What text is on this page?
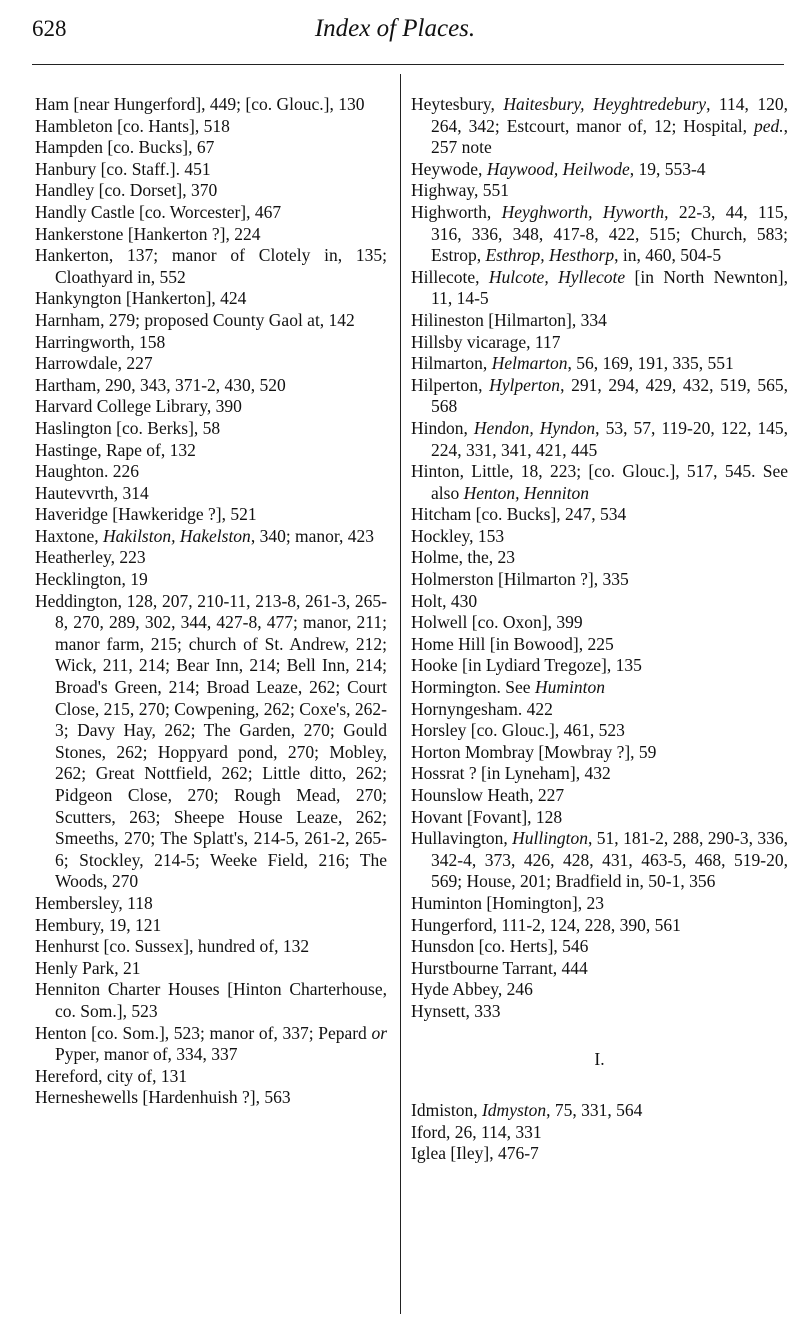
628	Index of Places.
Ham [near Hungerford], 449; [co. Glouc.], 130
Hambleton [co. Hants], 518
Hampden [co. Bucks], 67
Hanbury [co. Staff.]. 451
Handley [co. Dorset], 370
Handly Castle [co. Worcester], 467
Hankerstone [Hankerton ?], 224
Hankerton, 137; manor of Clotely in, 135; Cloathyard in, 552
Hankyngton [Hankerton], 424
Harnham, 279; proposed County Gaol at, 142
Harringworth, 158
Harrowdale, 227
Hartham, 290, 343, 371-2, 430, 520
Harvard College Library, 390
Haslington [co. Berks], 58
Hastinge, Rape of, 132
Haughton. 226
Hautevvrth, 314
Haveridge [Hawkeridge ?], 521
Haxtone, Hakilston, Hakelston, 340; manor, 423
Heatherley, 223
Hecklington, 19
Heddington, 128, 207, 210-11, 213-8, 261-3, 265-8, 270, 289, 302, 344, 427-8, 477; manor, 211; manor farm, 215; church of St. Andrew, 212; Wick, 211, 214; Bear Inn, 214; Bell Inn, 214; Broad's Green, 214; Broad Leaze, 262; Court Close, 215, 270; Cowpening, 262; Coxe's, 262-3; Davy Hay, 262; The Garden, 270; Gould Stones, 262; Hoppyard pond, 270; Mobley, 262; Great Nottfield, 262; Little ditto, 262; Pidgeon Close, 270; Rough Mead, 270; Scutters, 263; Sheepe House Leaze, 262; Smeeths, 270; The Splatt's, 214-5, 261-2, 265-6; Stockley, 214-5; Weeke Field, 216; The Woods, 270
Hembersley, 118
Hembury, 19, 121
Henhurst [co. Sussex], hundred of, 132
Henly Park, 21
Henniton Charter Houses [Hinton Charterhouse, co. Som.], 523
Henton [co. Som.], 523; manor of, 337; Pepard or Pyper, manor of, 334, 337
Hereford, city of, 131
Herneshewells [Hardenhuish ?], 563
Heytesbury, Haitesbury, Heyghtredebury, 114, 120, 264, 342; Estcourt, manor of, 12; Hospital, ped., 257 note
Heywode, Haywood, Heilwode, 19, 553-4
Highway, 551
Highworth, Heyghworth, Hyworth, 22-3, 44, 115, 316, 336, 348, 417-8, 422, 515; Church, 583; Estrop, Esthrop, Hesthorp, in, 460, 504-5
Hillecote, Hulcote, Hyllecote [in North Newnton], 11, 14-5
Hilineston [Hilmarton], 334
Hillsby vicarage, 117
Hilmarton, Helmarton, 56, 169, 191, 335, 551
Hilperton, Hylperton, 291, 294, 429, 432, 519, 565, 568
Hindon, Hendon, Hyndon, 53, 57, 119-20, 122, 145, 224, 331, 341, 421, 445
Hinton, Little, 18, 223; [co. Glouc.], 517, 545. See also Henton, Henniton
Hitcham [co. Bucks], 247, 534
Hockley, 153
Holme, the, 23
Holmerston [Hilmarton ?], 335
Holt, 430
Holwell [co. Oxon], 399
Home Hill [in Bowood], 225
Hooke [in Lydiard Tregoze], 135
Hormington. See Huminton
Hornyngesham. 422
Horsley [co. Glouc.], 461, 523
Horton Mombray [Mowbray ?], 59
Hossrat ? [in Lyneham], 432
Hounslow Heath, 227
Hovant [Fovant], 128
Hullavington, Hullington, 51, 181-2, 288, 290-3, 336, 342-4, 373, 426, 428, 431, 463-5, 468, 519-20, 569; House, 201; Bradfield in, 50-1, 356
Huminton [Homington], 23
Hungerford, 111-2, 124, 228, 390, 561
Hunsdon [co. Herts], 546
Hurstbourne Tarrant, 444
Hyde Abbey, 246
Hynsett, 333
I.
Idmiston, Idmyston, 75, 331, 564
Iford, 26, 114, 331
Iglea [Iley], 476-7
